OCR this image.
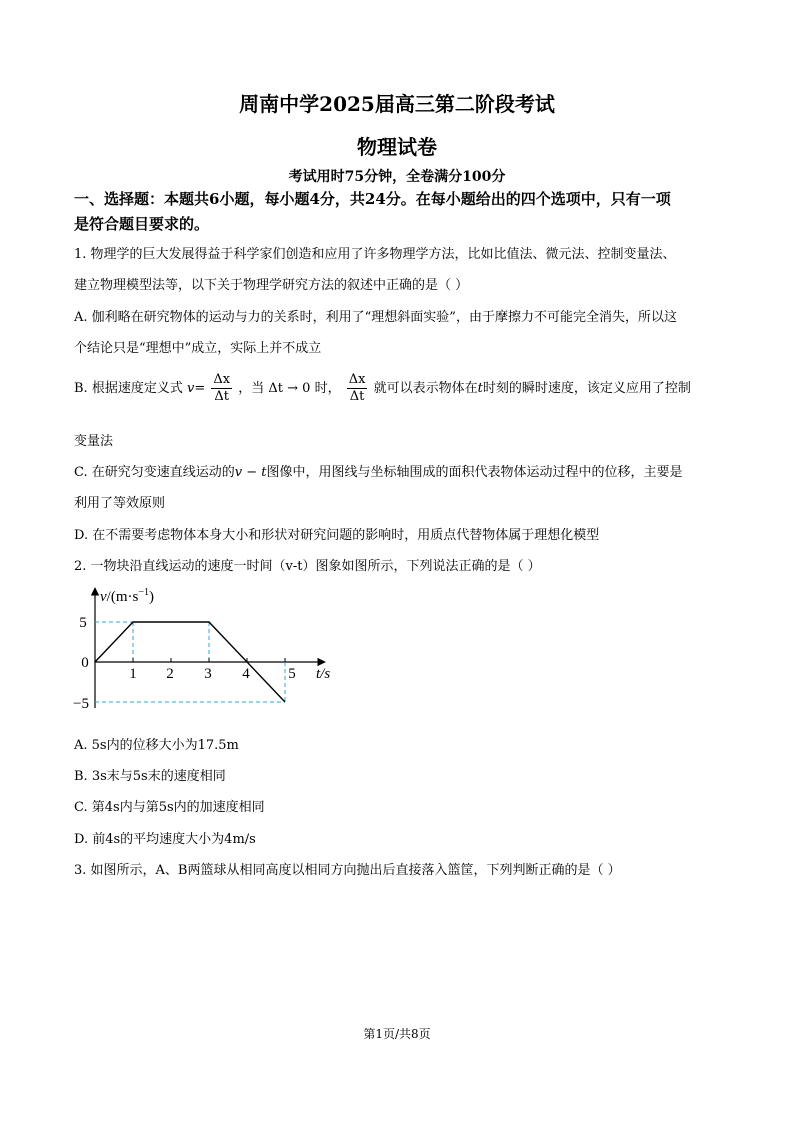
周南中学2025届高三第二阶段考试
物理试卷
考试用时75分钟，全卷满分100分
一、选择题：本题共6小题，每小题4分，共24分。在每小题给出的四个选项中，只有一项
是符合题目要求的。
1. 物理学的巨大发展得益于科学家们创造和应用了许多物理学方法，比如比值法、微元法、控制变量法、
建立物理模型法等，以下关于物理学研究方法的叙述中正确的是（ ）
A. 伽利略在研究物体的运动与力的关系时，利用了“理想斜面实验”，由于摩擦力不可能完全消失，所以这
个结论只是“理想中”成立，实际上并不成立
B. 根据速度定义式 $v= \frac{\Delta x}{\Delta t}$ ，当 Δt → 0 时， $\frac{\Delta x}{\Delta t}$ 就可以表示物体在t时刻的瞬时速度，该定义应用了控制
变量法
C. 在研究匀变速直线运动的v − t图像中，用图线与坐标轴围成的面积代表物体运动过程中的位移，主要是
利用了等效原则
D. 在不需要考虑物体本身大小和形状对研究问题的影响时，用质点代替物体属于理想化模型
2. 一物块沿直线运动的速度一时间（v-t）图象如图所示，下列说法正确的是（ ）
$v/(m\cdot s^{-1})$
5
0
−5
1 2 3 4	5 t/s
A. 5s内的位移大小为17.5m
B. 3s末与5s末的速度相同
C. 第4s内与第5s内的加速度相同
D. 前4s的平均速度大小为4m/s
3. 如图所示，A、B两篮球从相同高度以相同方向抛出后直接落入篮筐，下列判断正确的是（ ）
第1页/共8页
